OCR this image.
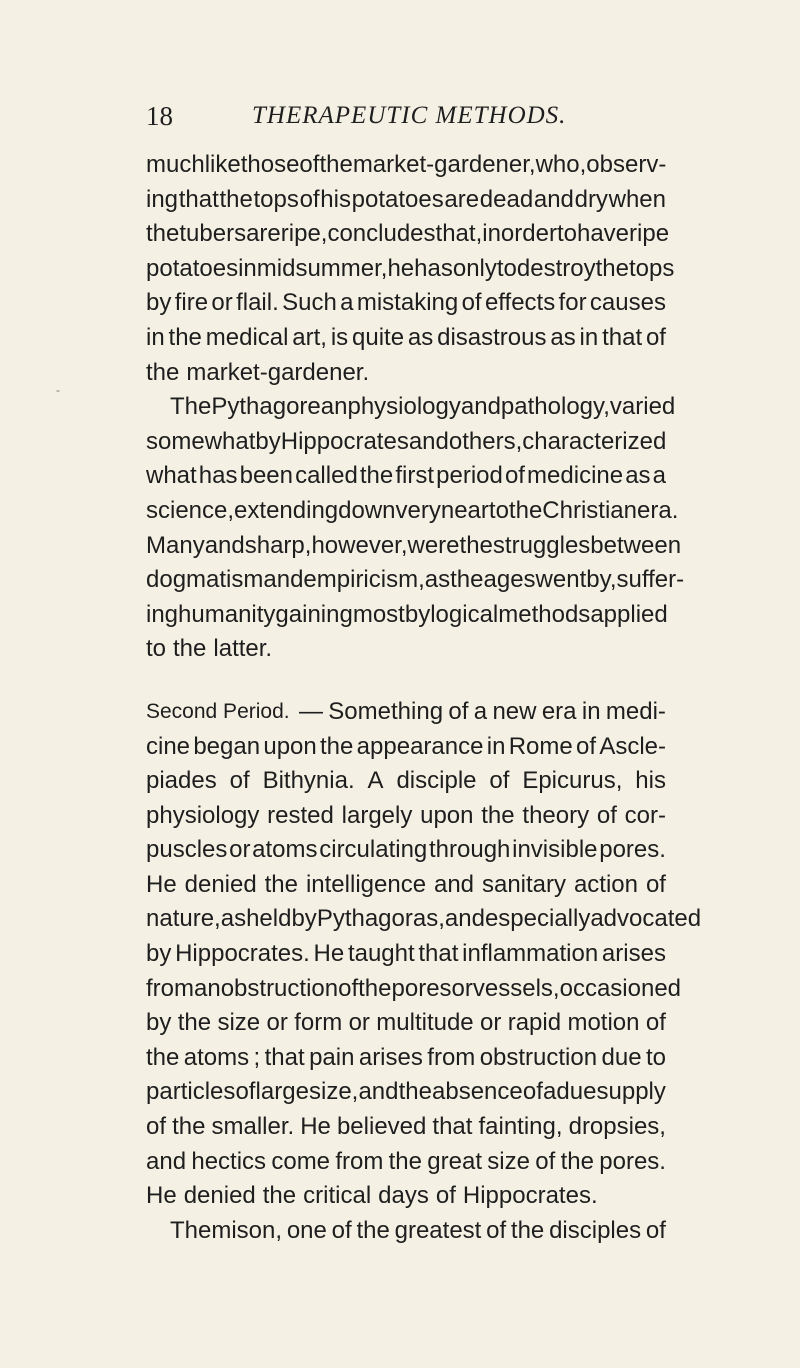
18	THERAPEUTIC METHODS.
much like those of the market-gardener, who, observ-
ing that the tops of his potatoes are dead and dry when
the tubers are ripe, concludes that, in order to have ripe
potatoes in midsummer, he has only to destroy the tops
by fire or flail. Such a mistaking of effects for causes
in the medical art, is quite as disastrous as in that of
the market-gardener.
The Pythagorean physiology and pathology, varied
somewhat by Hippocrates and others, characterized
what has been called the first period of medicine as a
science, extending down very near to the Christian era.
Many and sharp, however, were the struggles between
dogmatism and empiricism, as the ages went by, suffer-
ing humanity gaining most by logical methods applied
to the latter.
Second Period. — Something of a new era in medi-
cine began upon the appearance in Rome of Ascle-
piades of Bithynia. A disciple of Epicurus, his
physiology rested largely upon the theory of cor-
puscles or atoms circulating through invisible pores.
He denied the intelligence and sanitary action of
nature, as held by Pythagoras, and especially advocated
by Hippocrates. He taught that inflammation arises
from an obstruction of the pores or vessels, occasioned
by the size or form or multitude or rapid motion of
the atoms ; that pain arises from obstruction due to
particles of large size, and the absence of a due supply
of the smaller. He believed that fainting, dropsies,
and hectics come from the great size of the pores.
He denied the critical days of Hippocrates.
Themison, one of the greatest of the disciples of
-
